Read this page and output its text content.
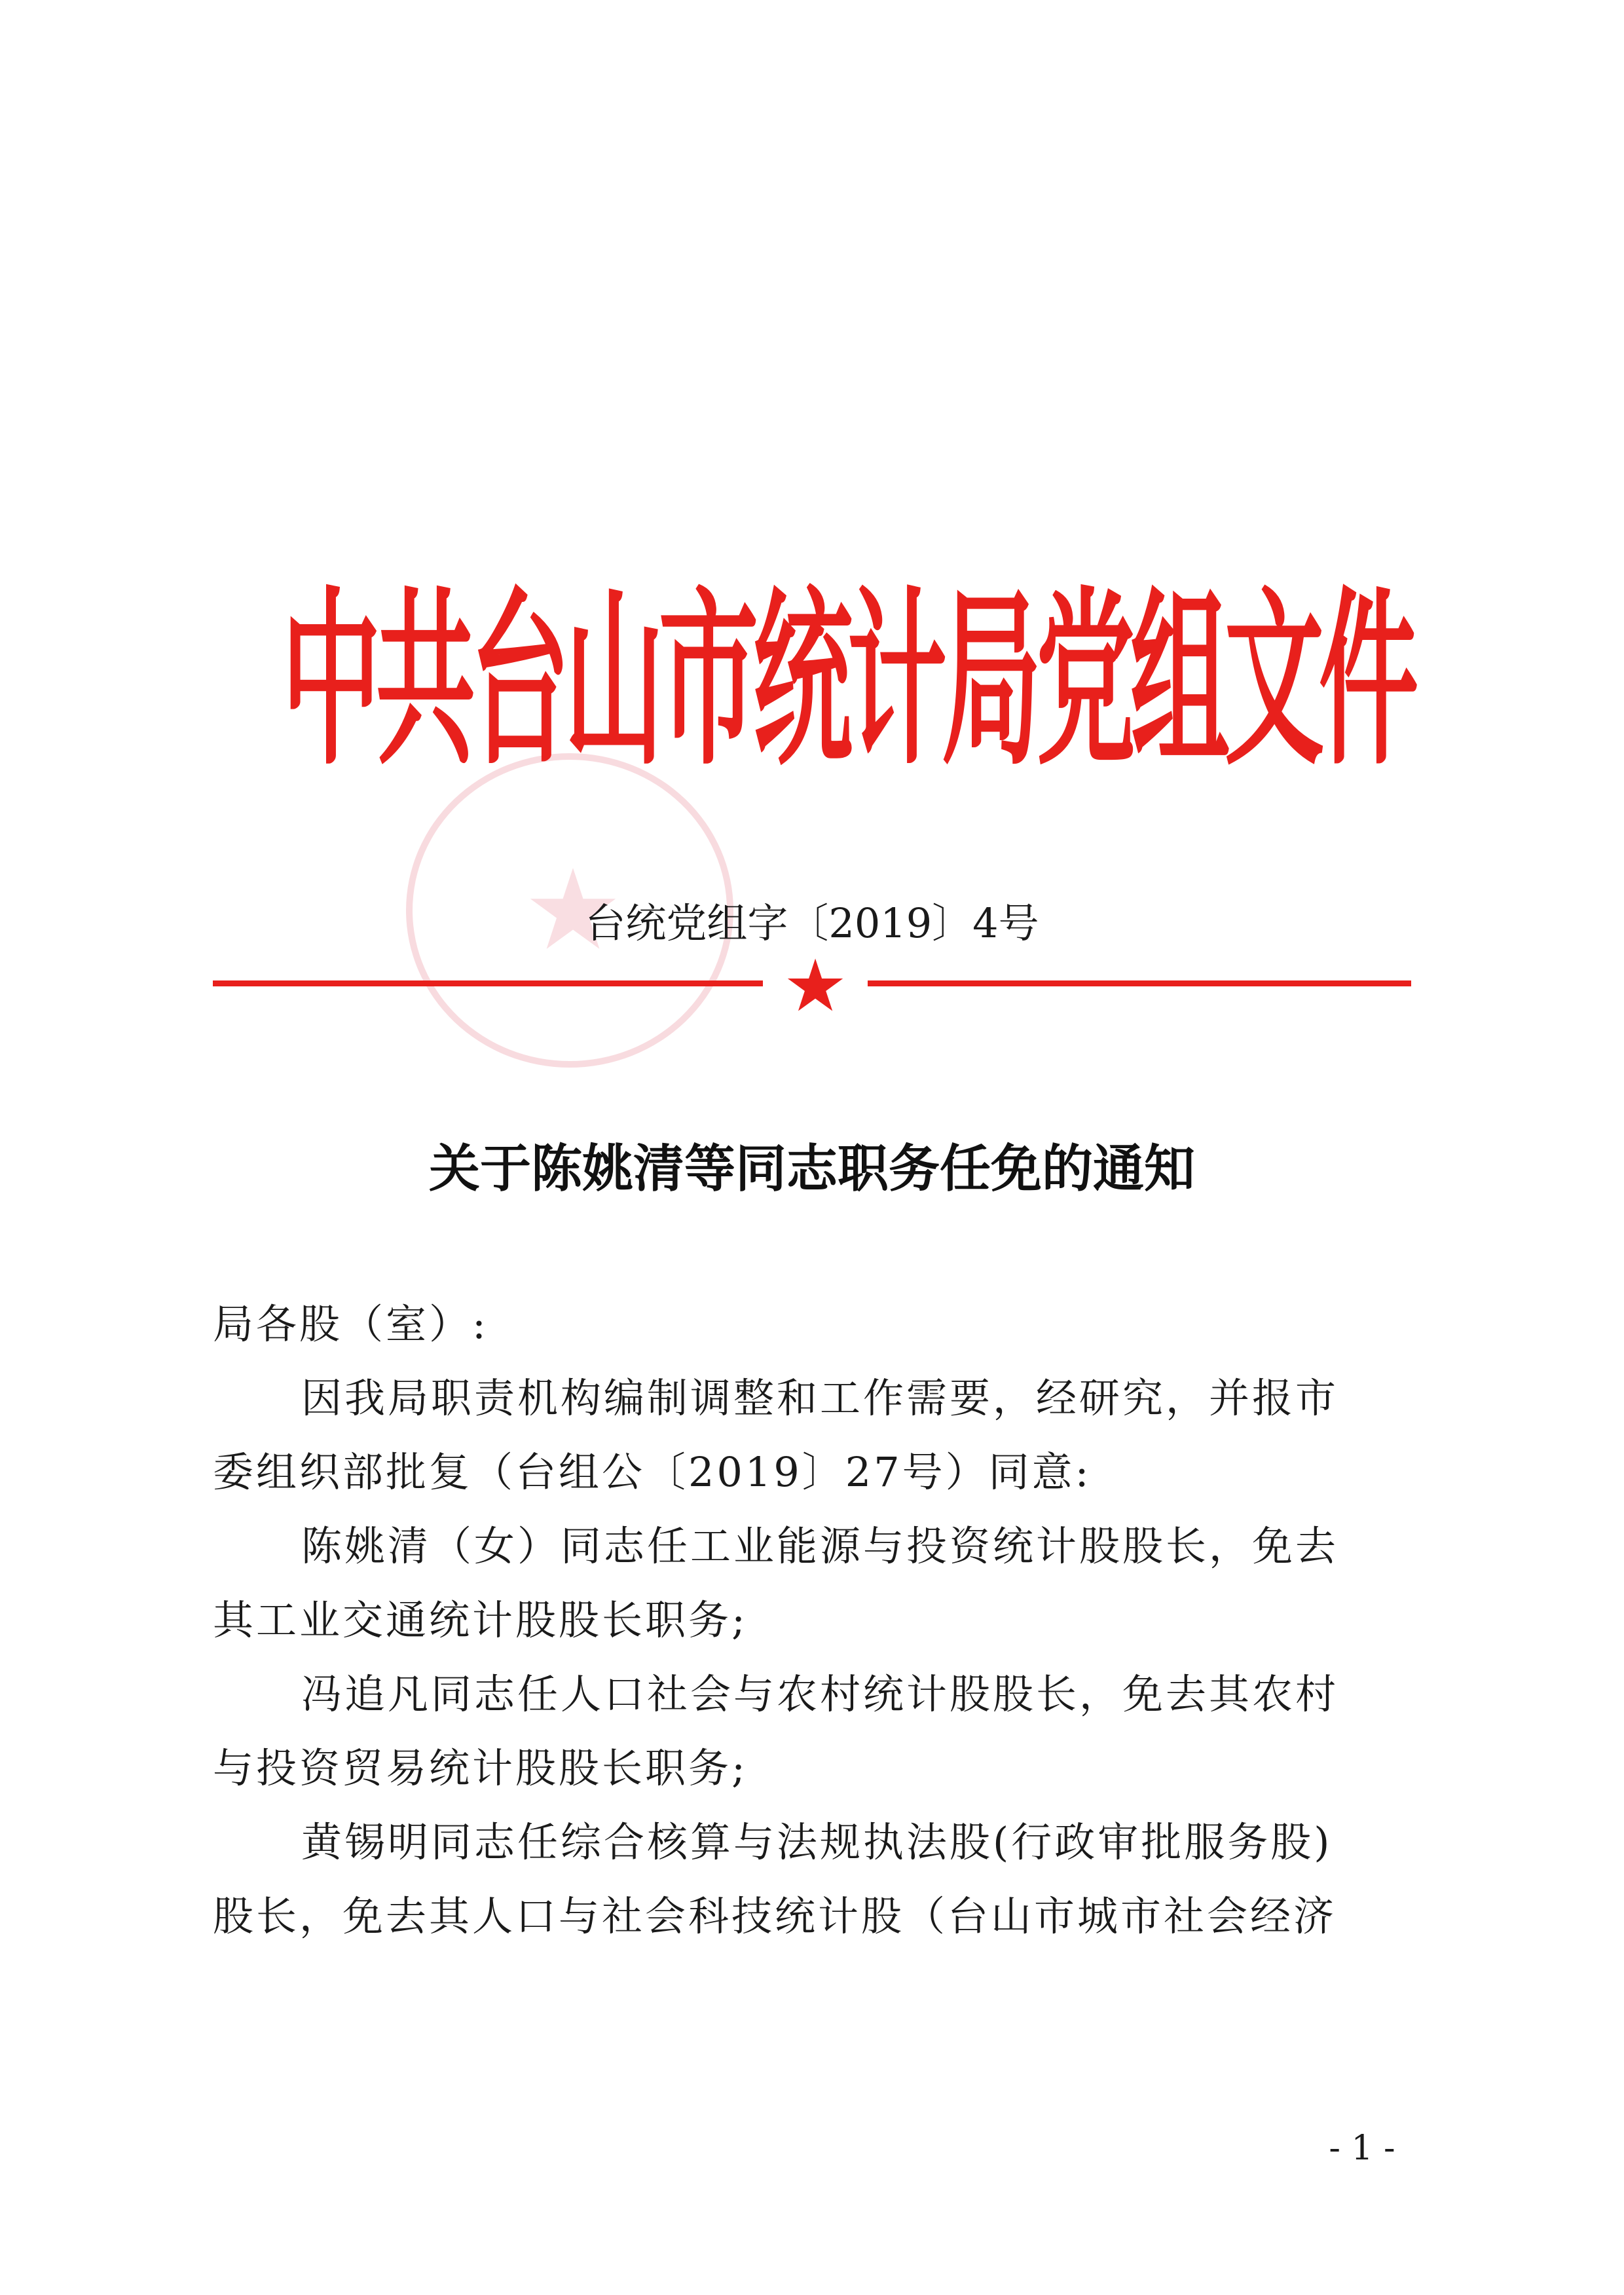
★
中共台山市统计局党组文件
台统党组字〔2019〕4号
★
关于陈姚清等同志职务任免的通知

局各股（室）:

因我局职责机构编制调整和工作需要，经研究，并报市

委组织部批复（台组公〔2019〕27号）同意:

陈姚清（女）同志任工业能源与投资统计股股长，免去

其工业交通统计股股长职务;

冯追凡同志任人口社会与农村统计股股长，免去其农村

与投资贸易统计股股长职务;

黄锡明同志任综合核算与法规执法股(行政审批服务股)

股长，免去其人口与社会科技统计股（台山市城市社会经济

- 1 -
